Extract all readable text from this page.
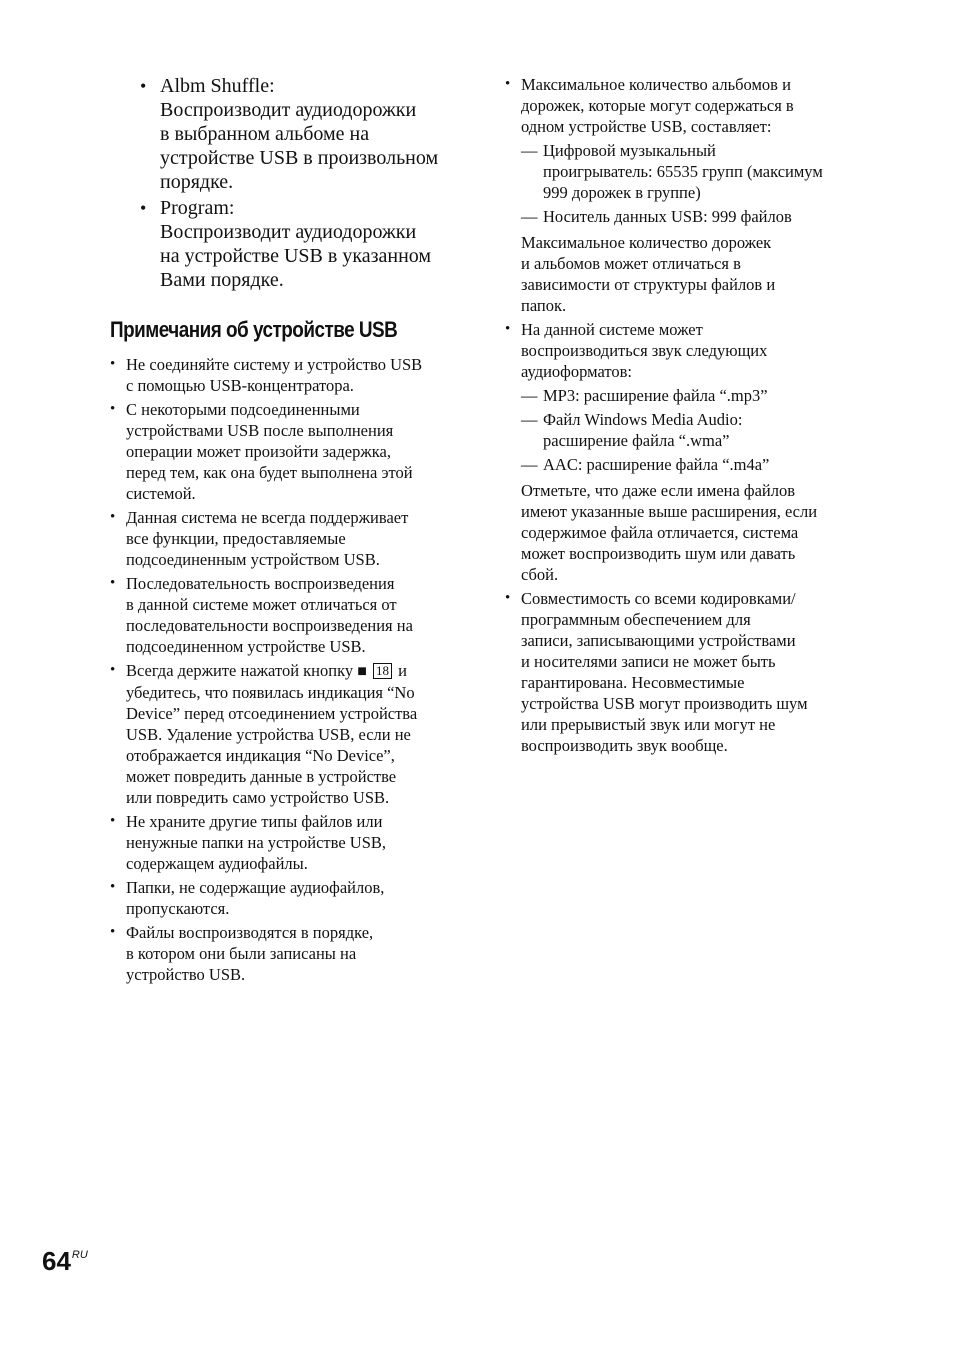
• Albm Shuffle:

Воспроизводит аудиодорожки

в выбранном альбоме на

устройстве USB в произвольном

порядке.

• Program:

Воспроизводит аудиодорожки

на устройстве USB в указанном

Вами порядке.

Примечания об устройстве USB
• Не соединяйте систему и устройство USB

с помощью USB-концентратора.

• С некоторыми подсоединенными

устройствами USB после выполнения

операции может произойти задержка,

перед тем, как она будет выполнена этой

системой.

• Данная система не всегда поддерживает

все функции, предоставляемые

подсоединенным устройством USB.

• Последовательность воспроизведения

в данной системе может отличаться от

последовательности воспроизведения на

подсоединенном устройстве USB.

• Всегда держите нажатой кнопку ■ 18 и

убедитесь, что появилась индикация “No

Device” перед отсоединением устройства

USB. Удаление устройства USB, если не

отображается индикация “No Device”,

может повредить данные в устройстве

или повредить само устройство USB.

• Не храните другие типы файлов или

ненужные папки на устройстве USB,

содержащем аудиофайлы.

• Папки, не содержащие аудиофайлов,

пропускаются.

• Файлы воспроизводятся в порядке,

в котором они были записаны на

устройство USB.

• Максимальное количество альбомов и

дорожек, которые могут содержаться в

одном устройстве USB, составляет:

— Цифровой музыкальный

проигрыватель: 65535 групп (максимум

999 дорожек в группе)

— Носитель данных USB: 999 файлов

Максимальное количество дорожек

и альбомов может отличаться в

зависимости от структуры файлов и

папок.

• На данной системе может

воспроизводиться звук следующих

аудиоформатов:

— MP3: расширение файла “.mp3”

— Файл Windows Media Audio:

расширение файла “.wma”

— AAC: расширение файла “.m4a”

Отметьте, что даже если имена файлов

имеют указанные выше расширения, если

содержимое файла отличается, система

может воспроизводить шум или давать

сбой.

• Совместимость со всеми кодировками/

программным обеспечением для

записи, записывающими устройствами

и носителями записи не может быть

гарантирована. Несовместимые

устройства USB могут производить шум

или прерывистый звук или могут не

воспроизводить звук вообще.

$64^{RU}$
